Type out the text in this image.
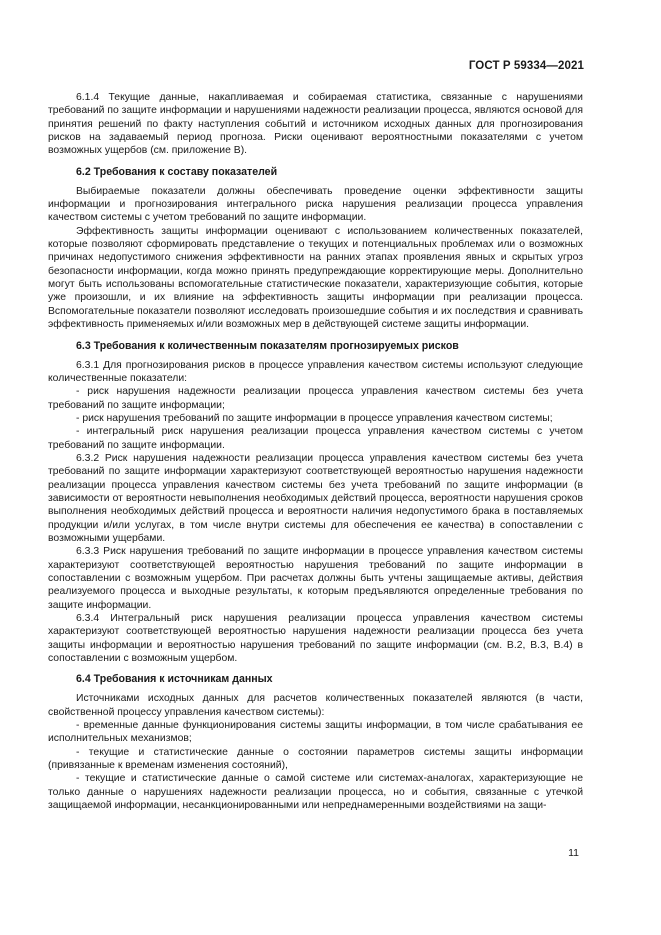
ГОСТ Р 59334—2021

6.1.4 Текущие данные, накапливаемая и собираемая статистика, связанные с нарушениями требований по защите информации и нарушениями надежности реализации процесса, являются основой для принятия решений по факту наступления событий и источником исходных данных для прогнозирования рисков на задаваемый период прогноза. Риски оценивают вероятностными показателями с учетом возможных ущербов (см. приложение В).

6.2 Требования к составу показателей

Выбираемые показатели должны обеспечивать проведение оценки эффективности защиты информации и прогнозирования интегрального риска нарушения реализации процесса управления качеством системы с учетом требований по защите информации.

Эффективность защиты информации оценивают с использованием количественных показателей, которые позволяют сформировать представление о текущих и потенциальных проблемах или о возможных причинах недопустимого снижения эффективности на ранних этапах проявления явных и скрытых угроз безопасности информации, когда можно принять предупреждающие корректирующие меры. Дополнительно могут быть использованы вспомогательные статистические показатели, характеризующие события, которые уже произошли, и их влияние на эффективность защиты информации при реализации процесса. Вспомогательные показатели позволяют исследовать произошедшие события и их последствия и сравнивать эффективность применяемых и/или возможных мер в действующей системе защиты информации.

6.3 Требования к количественным показателям прогнозируемых рисков

6.3.1 Для прогнозирования рисков в процессе управления качеством системы используют следующие количественные показатели:

- риск нарушения надежности реализации процесса управления качеством системы без учета требований по защите информации;

- риск нарушения требований по защите информации в процессе управления качеством системы;

- интегральный риск нарушения реализации процесса управления качеством системы с учетом требований по защите информации.

6.3.2 Риск нарушения надежности реализации процесса управления качеством системы без учета требований по защите информации характеризуют соответствующей вероятностью нарушения надежности реализации процесса управления качеством системы без учета требований по защите информации (в зависимости от вероятности невыполнения необходимых действий процесса, вероятности нарушения сроков выполнения необходимых действий процесса и вероятности наличия недопустимого брака в поставляемых продукции и/или услугах, в том числе внутри системы для обеспечения ее качества) в сопоставлении с возможными ущербами.

6.3.3 Риск нарушения требований по защите информации в процессе управления качеством системы характеризуют соответствующей вероятностью нарушения требований по защите информации в сопоставлении с возможным ущербом. При расчетах должны быть учтены защищаемые активы, действия реализуемого процесса и выходные результаты, к которым предъявляются определенные требования по защите информации.

6.3.4 Интегральный риск нарушения реализации процесса управления качеством системы характеризуют соответствующей вероятностью нарушения надежности реализации процесса без учета защиты информации и вероятностью нарушения требований по защите информации (см. В.2, В.3, В.4) в сопоставлении с возможным ущербом.

6.4 Требования к источникам данных

Источниками исходных данных для расчетов количественных показателей являются (в части, свойственной процессу управления качеством системы):

- временные данные функционирования системы защиты информации, в том числе срабатывания ее исполнительных механизмов;

- текущие и статистические данные о состоянии параметров системы защиты информации (привязанные к временам изменения состояний),

- текущие и статистические данные о самой системе или системах-аналогах, характеризующие не только данные о нарушениях надежности реализации процесса, но и события, связанные с утечкой защищаемой информации, несанкционированными или непреднамеренными воздействиями на защи-

11
